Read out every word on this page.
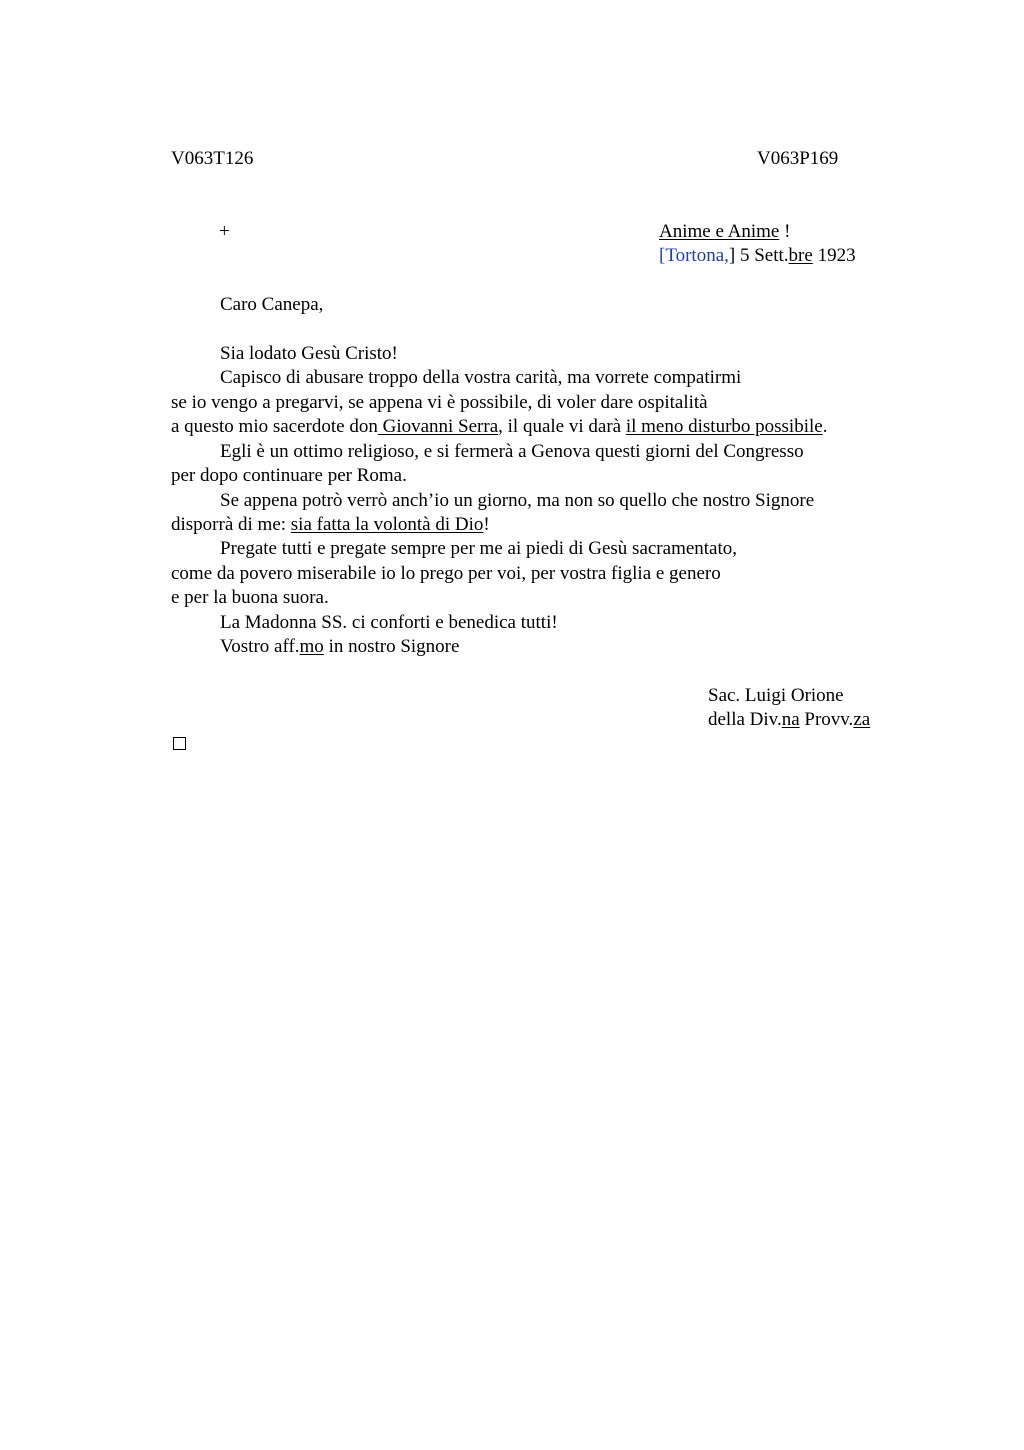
V063T126	V063P169
+	Anime e Anime !
[Tortona,] 5 Sett.bre 1923
Caro Canepa,
Sia lodato Gesù Cristo!
Capisco di abusare troppo della vostra carità, ma vorrete compatirmi
se io vengo a pregarvi, se appena vi è possibile, di voler dare ospitalità
a questo mio sacerdote don Giovanni Serra, il quale vi darà il meno disturbo possibile.
Egli è un ottimo religioso, e si fermerà a Genova questi giorni del Congresso
per dopo continuare per Roma.
Se appena potrò verrò anch’io un giorno, ma non so quello che nostro Signore
disporrà di me: sia fatta la volontà di Dio!
Pregate tutti e pregate sempre per me ai piedi di Gesù sacramentato,
come da povero miserabile io lo prego per voi, per vostra figlia e genero
e per la buona suora.
La Madonna SS. ci conforti e benedica tutti!
Vostro aff.mo in nostro Signore
Sac. Luigi Orione
della Div.na Provv.za
